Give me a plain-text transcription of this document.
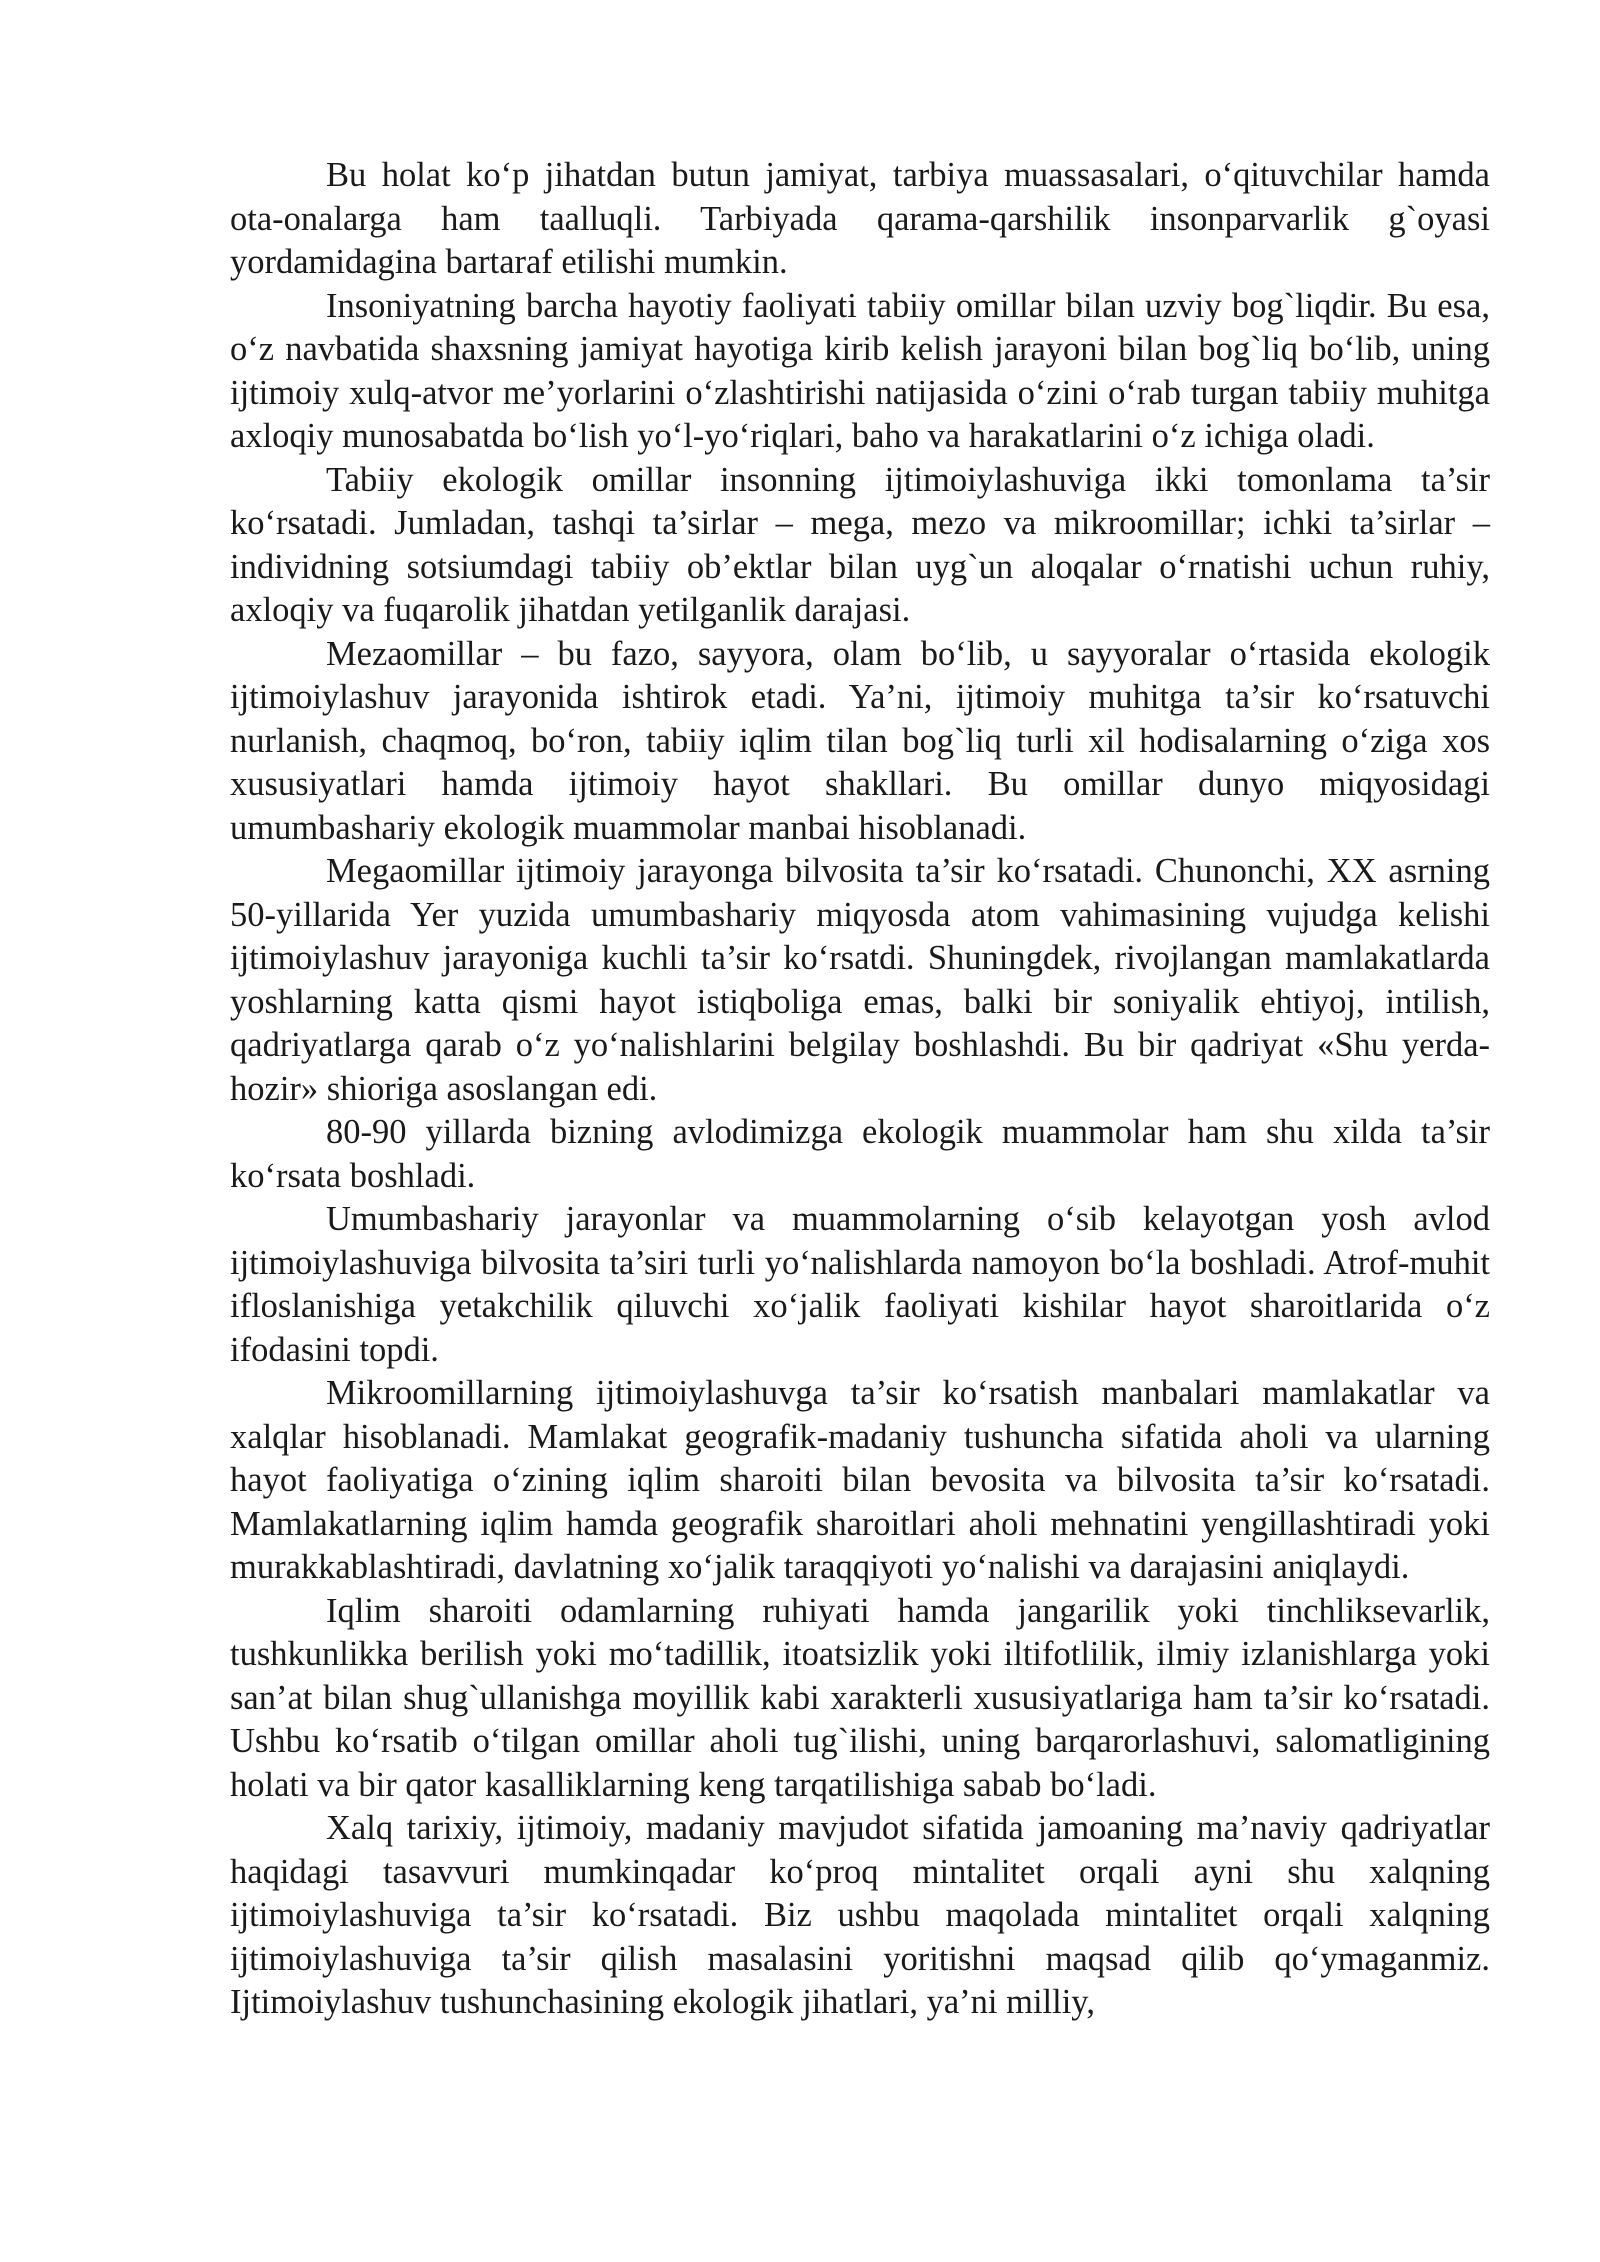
Bu holat ko‘p jihatdan butun jamiyat, tarbiya muassasalari, o‘qituvchilar hamda ota-onalarga ham taalluqli. Tarbiyada qarama-qarshilik insonparvarlik g`oyasi yordamidagina bartaraf etilishi mumkin.

Insoniyatning barcha hayotiy faoliyati tabiiy omillar bilan uzviy bog`liqdir. Bu esa, o‘z navbatida shaxsning jamiyat hayotiga kirib kelish jarayoni bilan bog`liq bo‘lib, uning ijtimoiy xulq-atvor me’yorlarini o‘zlashtirishi natijasida o‘zini o‘rab turgan tabiiy muhitga axloqiy munosabatda bo‘lish yo‘l-yo‘riqlari, baho va harakatlarini o‘z ichiga oladi.

Tabiiy ekologik omillar insonning ijtimoiylashuviga ikki tomonlama ta’sir ko‘rsatadi. Jumladan, tashqi ta’sirlar – mega, mezo va mikroomillar; ichki ta’sirlar – individning sotsiumdagi tabiiy ob’ektlar bilan uyg`un aloqalar o‘rnatishi uchun ruhiy, axloqiy va fuqarolik jihatdan yetilganlik darajasi.

Mezaomillar – bu fazo, sayyora, olam bo‘lib, u sayyoralar o‘rtasida ekologik ijtimoiylashuv jarayonida ishtirok etadi. Ya’ni, ijtimoiy muhitga ta’sir ko‘rsatuvchi nurlanish, chaqmoq, bo‘ron, tabiiy iqlim tilan bog`liq turli xil hodisalarning o‘ziga xos xususiyatlari hamda ijtimoiy hayot shakllari. Bu omillar dunyo miqyosidagi umumbashariy ekologik muammolar manbai hisoblanadi.

Megaomillar ijtimoiy jarayonga bilvosita ta’sir ko‘rsatadi. Chunonchi, XX asrning 50-yillarida Yer yuzida umumbashariy miqyosda atom vahimasining vujudga kelishi ijtimoiylashuv jarayoniga kuchli ta’sir ko‘rsatdi. Shuningdek, rivojlangan mamlakatlarda yoshlarning katta qismi hayot istiqboliga emas, balki bir soniyalik ehtiyoj, intilish, qadriyatlarga qarab o‘z yo‘nalishlarini belgilay boshlashdi. Bu bir qadriyat «Shu yerda-hozir» shioriga asoslangan edi.

80-90 yillarda bizning avlodimizga ekologik muammolar ham shu xilda ta’sir ko‘rsata boshladi.

Umumbashariy jarayonlar va muammolarning o‘sib kelayotgan yosh avlod ijtimoiylashuviga bilvosita ta’siri turli yo‘nalishlarda namoyon bo‘la boshladi. Atrof-muhit ifloslanishiga yetakchilik qiluvchi xo‘jalik faoliyati kishilar hayot sharoitlarida o‘z ifodasini topdi.

Mikroomillarning ijtimoiylashuvga ta’sir ko‘rsatish manbalari mamlakatlar va xalqlar hisoblanadi. Mamlakat geografik-madaniy tushuncha sifatida aholi va ularning hayot faoliyatiga o‘zining iqlim sharoiti bilan bevosita va bilvosita ta’sir ko‘rsatadi. Mamlakatlarning iqlim hamda geografik sharoitlari aholi mehnatini yengillashtiradi yoki murakkablashtiradi, davlatning xo‘jalik taraqqiyoti yo‘nalishi va darajasini aniqlaydi.

Iqlim sharoiti odamlarning ruhiyati hamda jangarilik yoki tinchliksevarlik, tushkunlikka berilish yoki mo‘tadillik, itoatsizlik yoki iltifotlilik, ilmiy izlanishlarga yoki san’at bilan shug`ullanishga moyillik kabi xarakterli xususiyatlariga ham ta’sir ko‘rsatadi. Ushbu ko‘rsatib o‘tilgan omillar aholi tug`ilishi, uning barqarorlashuvi, salomatligining holati va bir qator kasalliklarning keng tarqatilishiga sabab bo‘ladi.

Xalq tarixiy, ijtimoiy, madaniy mavjudot sifatida jamoaning ma’naviy qadriyatlar haqidagi tasavvuri mumkinqadar ko‘proq mintalitet orqali ayni shu xalqning ijtimoiylashuviga ta’sir ko‘rsatadi. Biz ushbu maqolada mintalitet orqali xalqning ijtimoiylashuviga ta’sir qilish masalasini yoritishni maqsad qilib qo‘ymaganmiz. Ijtimoiylashuv tushunchasining ekologik jihatlari, ya’ni milliy,
